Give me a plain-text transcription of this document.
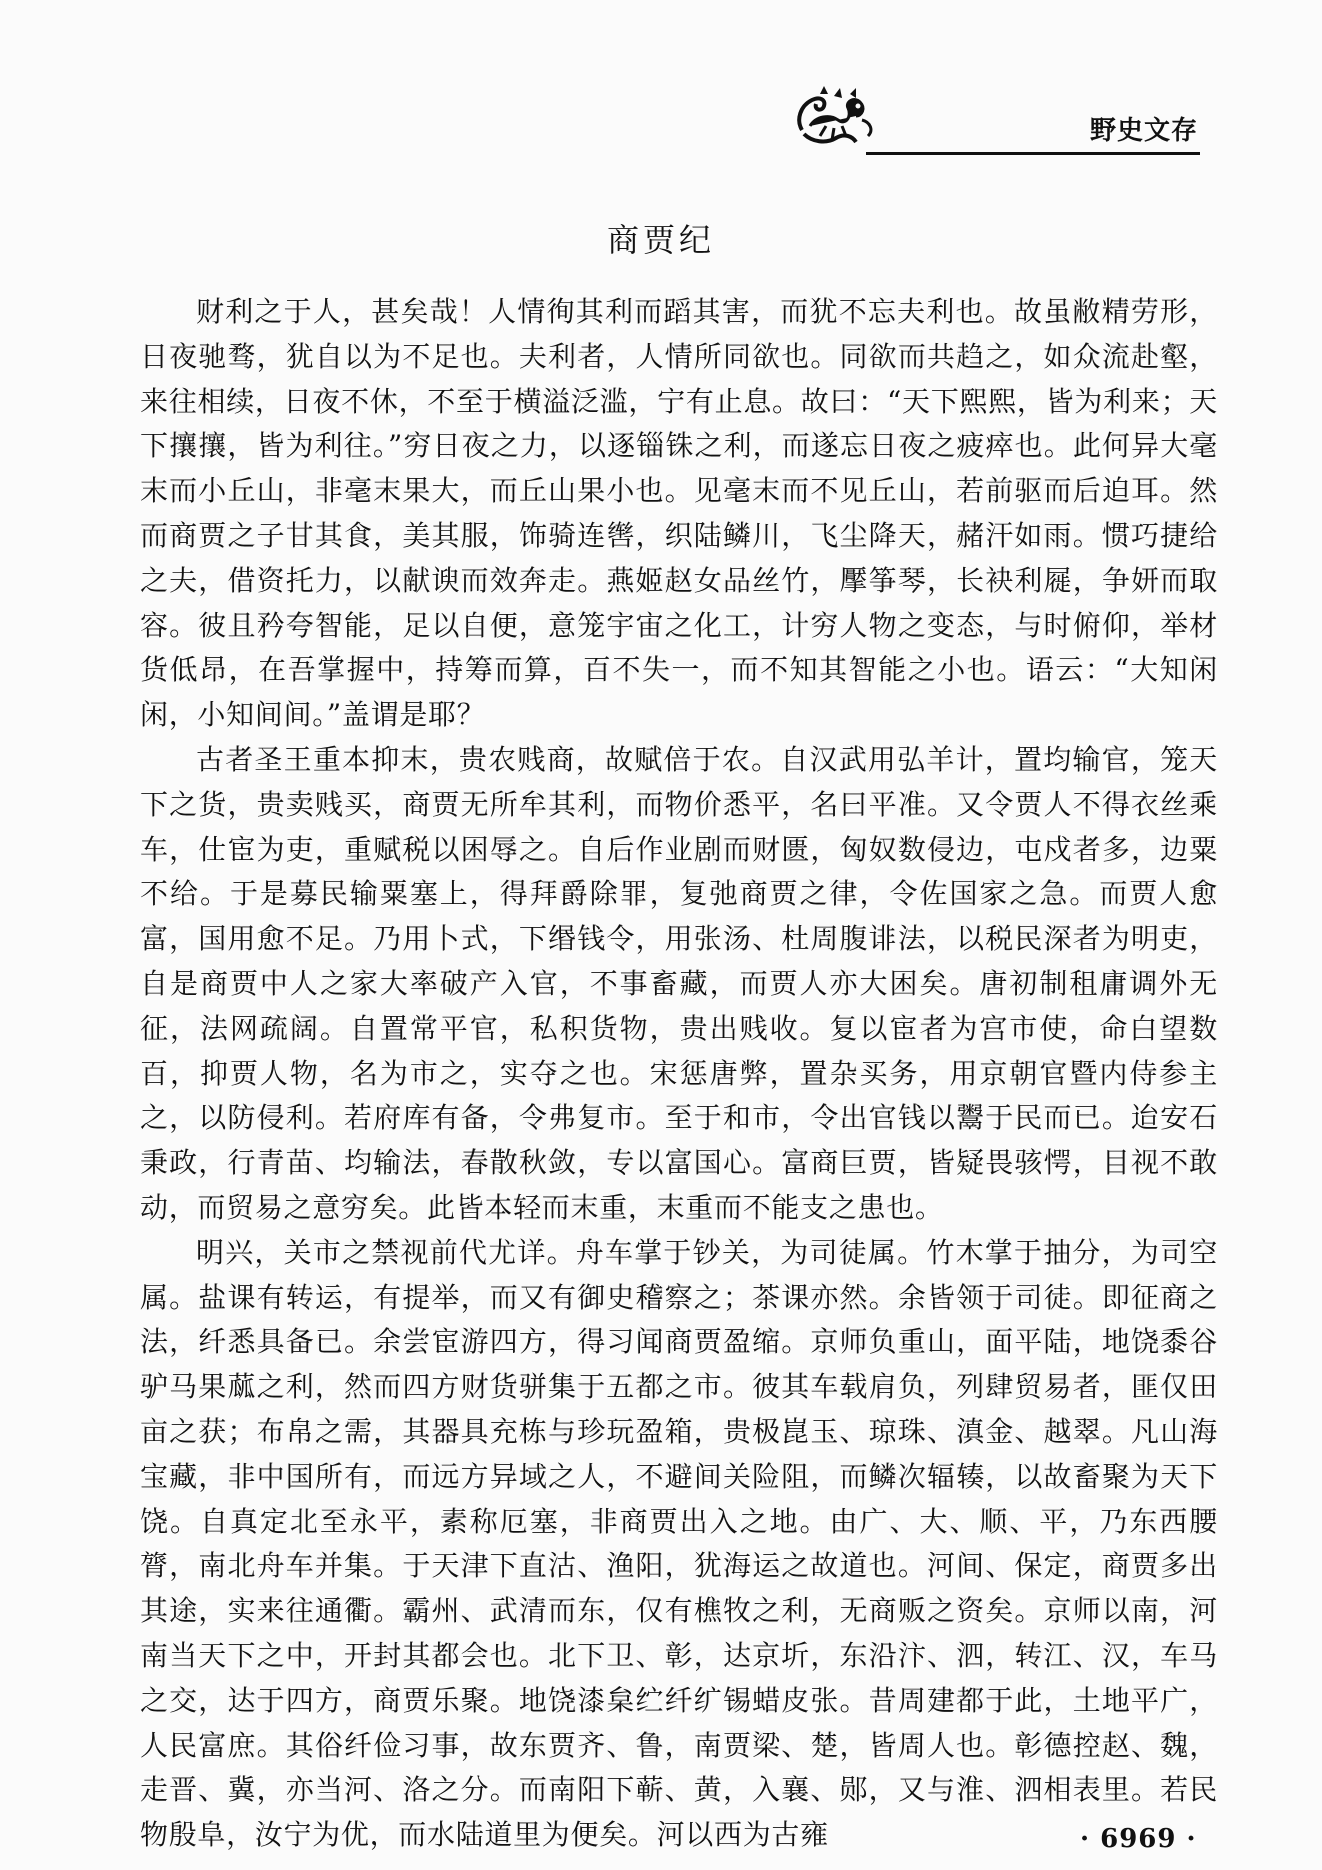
野史文存
商贾纪

财利之于人，甚矣哉！人情徇其利而蹈其害，而犹不忘夫利也。故虽敝精劳形，日夜驰骛，犹自以为不足也。夫利者，人情所同欲也。同欲而共趋之，如众流赴壑，来往相续，日夜不休，不至于横溢泛滥，宁有止息。故曰：“天下熙熙，皆为利来；天下攘攘，皆为利往。”穷日夜之力，以逐锱铢之利，而遂忘日夜之疲瘁也。此何异大毫末而小丘山，非毫末果大，而丘山果小也。见毫末而不见丘山，若前驱而后迫耳。然而商贾之子甘其食，美其服，饰骑连辔，织陆鳞川，飞尘降天，赭汗如雨。惯巧捷给之夫，借资托力，以献谀而效奔走。燕姬赵女品丝竹，擪筝琴，长袂利屣，争妍而取容。彼且矜夸智能，足以自便，意笼宇宙之化工，计穷人物之变态，与时俯仰，举材货低昂，在吾掌握中，持筹而算，百不失一，而不知其智能之小也。语云：“大知闲闲，小知间间。”盖谓是耶？

古者圣王重本抑末，贵农贱商，故赋倍于农。自汉武用弘羊计，置均输官，笼天下之货，贵卖贱买，商贾无所牟其利，而物价悉平，名曰平准。又令贾人不得衣丝乘车，仕宦为吏，重赋税以困辱之。自后作业剧而财匮，匈奴数侵边，屯戍者多，边粟不给。于是募民输粟塞上，得拜爵除罪，复弛商贾之律，令佐国家之急。而贾人愈富，国用愈不足。乃用卜式，下缗钱令，用张汤、杜周腹诽法，以税民深者为明吏，自是商贾中人之家大率破产入官，不事畜藏，而贾人亦大困矣。唐初制租庸调外无征，法网疏阔。自置常平官，私积货物，贵出贱收。复以宦者为宫市使，命白望数百，抑贾人物，名为市之，实夺之也。宋惩唐弊，置杂买务，用京朝官暨内侍参主之，以防侵利。若府库有备，令弗复市。至于和市，令出官钱以鬻于民而已。迨安石秉政，行青苗、均输法，春散秋敛，专以富国心。富商巨贾，皆疑畏骇愕，目视不敢动，而贸易之意穷矣。此皆本轻而末重，末重而不能支之患也。

明兴，关市之禁视前代尤详。舟车掌于钞关，为司徒属。竹木掌于抽分，为司空属。盐课有转运，有提举，而又有御史稽察之；茶课亦然。余皆领于司徒。即征商之法，纤悉具备已。余尝宦游四方，得习闻商贾盈缩。京师负重山，面平陆，地饶黍谷驴马果蓏之利，然而四方财货骈集于五都之市。彼其车载肩负，列肆贸易者，匪仅田亩之获；布帛之需，其器具充栋与珍玩盈箱，贵极崑玉、琼珠、滇金、越翠。凡山海宝藏，非中国所有，而远方异域之人，不避间关险阻，而鳞次辐辏，以故畜聚为天下饶。自真定北至永平，素称厄塞，非商贾出入之地。由广、大、顺、平，乃东西腰膂，南北舟车并集。于天津下直沽、渔阳，犹海运之故道也。河间、保定，商贾多出其途，实来往通衢。霸州、武清而东，仅有樵牧之利，无商贩之资矣。京师以南，河南当天下之中，开封其都会也。北下卫、彰，达京圻，东沿汴、泗，转江、汉，车马之交，达于四方，商贾乐聚。地饶漆枲纻纤纩锡蜡皮张。昔周建都于此，土地平广，人民富庶。其俗纤俭习事，故东贾齐、鲁，南贾梁、楚，皆周人也。彰德控赵、魏，走晋、冀，亦当河、洛之分。而南阳下蕲、黄，入襄、郧，又与淮、泗相表里。若民物殷阜，汝宁为优，而水陆道里为便矣。河以西为古雍	· 6969 ·
